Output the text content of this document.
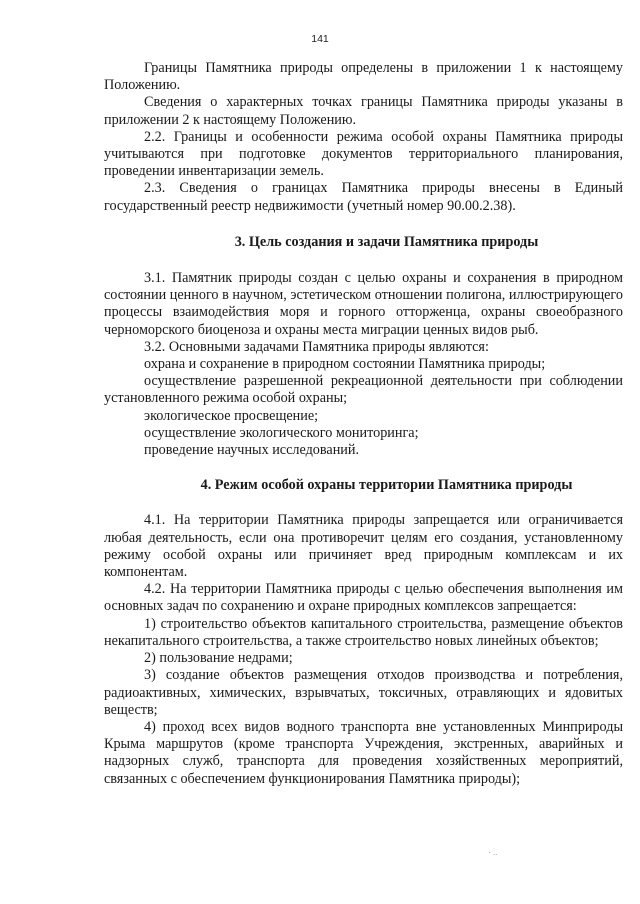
141

Границы Памятника природы определены в приложении 1 к настоящему Положению.

Сведения о характерных точках границы Памятника природы указаны в приложении 2 к настоящему Положению.

2.2. Границы и особенности режима особой охраны Памятника природы учитываются при подготовке документов территориального планирования, проведении инвентаризации земель.

2.3. Сведения о границах Памятника природы внесены в Единый государственный реестр недвижимости (учетный номер 90.00.2.38).

3. Цель создания и задачи Памятника природы

3.1. Памятник природы создан с целью охраны и сохранения в природном состоянии ценного в научном, эстетическом отношении полигона, иллюстрирующего процессы взаимодействия моря и горного отторженца, охраны своеобразного черноморского биоценоза и охраны места миграции ценных видов рыб.

3.2. Основными задачами Памятника природы являются:

охрана и сохранение в природном состоянии Памятника природы;

осуществление разрешенной рекреационной деятельности при соблюдении установленного режима особой охраны;

экологическое просвещение;

осуществление экологического мониторинга;

проведение научных исследований.

4. Режим особой охраны территории Памятника природы

4.1. На территории Памятника природы запрещается или ограничивается любая деятельность, если она противоречит целям его создания, установленному режиму особой охраны или причиняет вред природным комплексам и их компонентам.

4.2. На территории Памятника природы с целью обеспечения выполнения им основных задач по сохранению и охране природных комплексов запрещается:

1) строительство объектов капитального строительства, размещение объектов некапитального строительства, а также строительство новых линейных объектов;

2) пользование недрами;

3) создание объектов размещения отходов производства и потребления, радиоактивных, химических, взрывчатых, токсичных, отравляющих и ядовитых веществ;

4) проход всех видов водного транспорта вне установленных Минприроды Крыма маршрутов (кроме транспорта Учреждения, экстренных, аварийных и надзорных служб, транспорта для проведения хозяйственных мероприятий, связанных с обеспечением функционирования Памятника природы);

· ..
